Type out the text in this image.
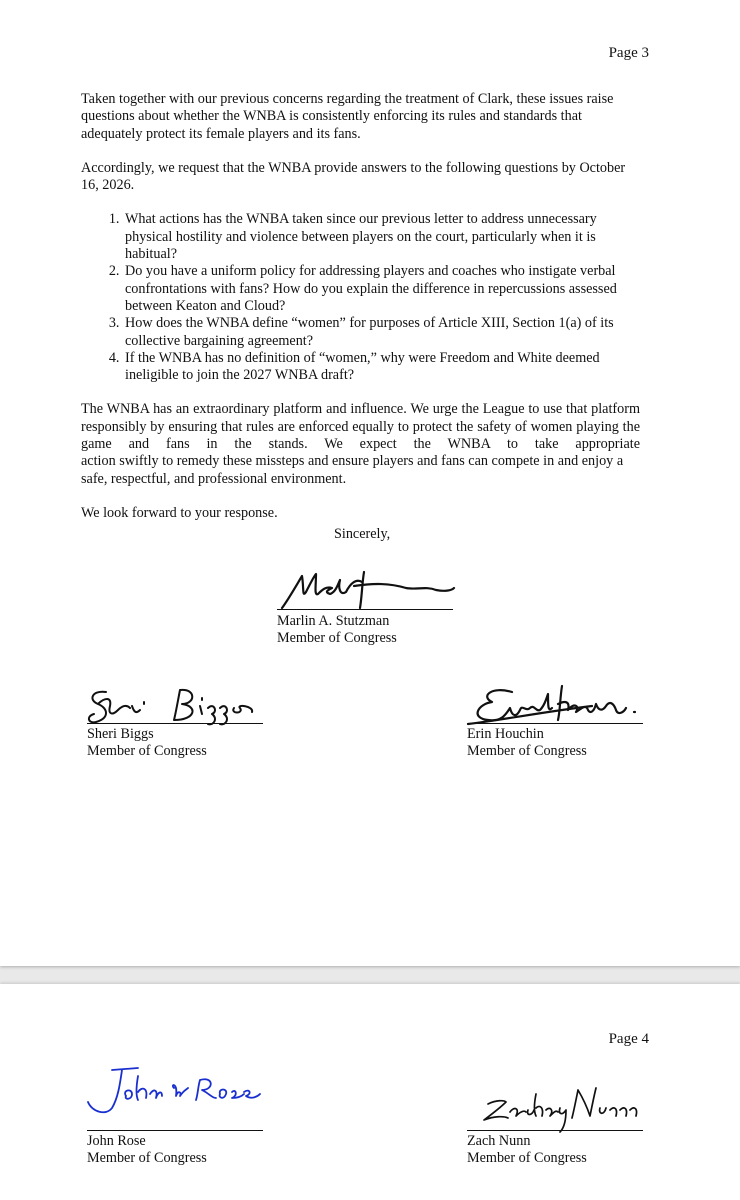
Page 3

Taken together with our previous concerns regarding the treatment of Clark, these issues raise questions about whether the WNBA is consistently enforcing its rules and standards that adequately protect its female players and its fans.

Accordingly, we request that the WNBA provide answers to the following questions by October 16, 2026.

1. What actions has the WNBA taken since our previous letter to address unnecessary physical hostility and violence between players on the court, particularly when it is habitual?
2. Do you have a uniform policy for addressing players and coaches who instigate verbal confrontations with fans? How do you explain the difference in repercussions assessed between Keaton and Cloud?
3. How does the WNBA define “women” for purposes of Article XIII, Section 1(a) of its collective bargaining agreement?
4. If the WNBA has no definition of “women,” why were Freedom and White deemed ineligible to join the 2027 WNBA draft?

The WNBA has an extraordinary platform and influence. We urge the League to use that platform responsibly by ensuring that rules are enforced equally to protect the safety of women playing the game and fans in the stands. We expect the WNBA to take appropriate
action swiftly to remedy these missteps and ensure players and fans can compete in and enjoy a safe, respectful, and professional environment.

We look forward to your response.

Sincerely,
Marlin A. Stutzman
Member of Congress
Sheri Biggs
Member of Congress
Erin Houchin
Member of Congress
Page 4
John Rose
Member of Congress
Zach Nunn
Member of Congress
